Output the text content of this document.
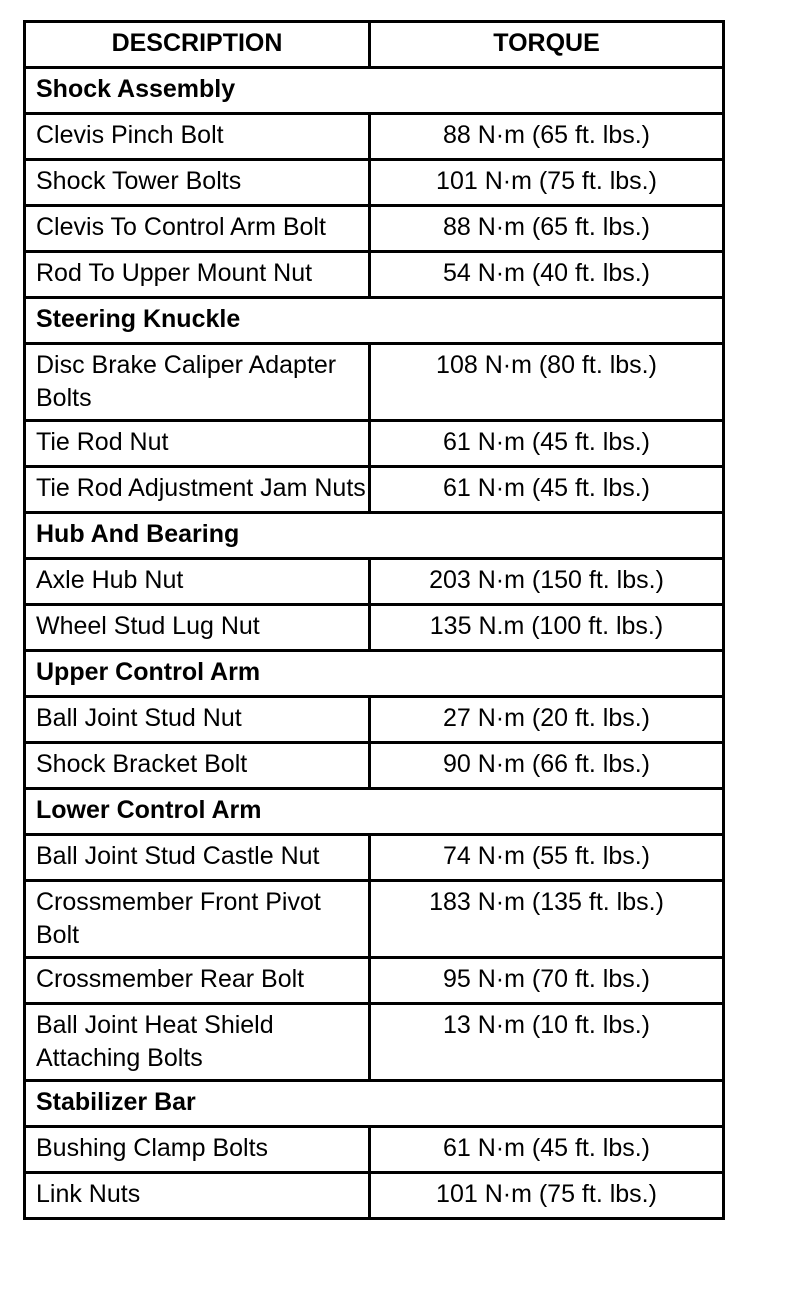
DESCRIPTION	TORQUE
Shock Assembly	
Clevis Pinch Bolt	88 N·m (65 ft. lbs.)
Shock Tower Bolts	101 N·m (75 ft. lbs.)
Clevis To Control Arm Bolt	88 N·m (65 ft. lbs.)
Rod To Upper Mount Nut	54 N·m (40 ft. lbs.)
Steering Knuckle	
Disc Brake Caliper Adapter Bolts	108 N·m (80 ft. lbs.)
Tie Rod Nut	61 N·m (45 ft. lbs.)
Tie Rod Adjustment Jam Nuts	61 N·m (45 ft. lbs.)
Hub And Bearing	
Axle Hub Nut	203 N·m (150 ft. lbs.)
Wheel Stud Lug Nut	135 N.m (100 ft. lbs.)
Upper Control Arm	
Ball Joint Stud Nut	27 N·m (20 ft. lbs.)
Shock Bracket Bolt	90 N·m (66 ft. lbs.)
Lower Control Arm	
Ball Joint Stud Castle Nut	74 N·m (55 ft. lbs.)
Crossmember Front Pivot Bolt	183 N·m (135 ft. lbs.)
Crossmember Rear Bolt	95 N·m (70 ft. lbs.)
Ball Joint Heat Shield Attaching Bolts	13 N·m (10 ft. lbs.)
Stabilizer Bar	
Bushing Clamp Bolts	61 N·m (45 ft. lbs.)
Link Nuts	101 N·m (75 ft. lbs.)
